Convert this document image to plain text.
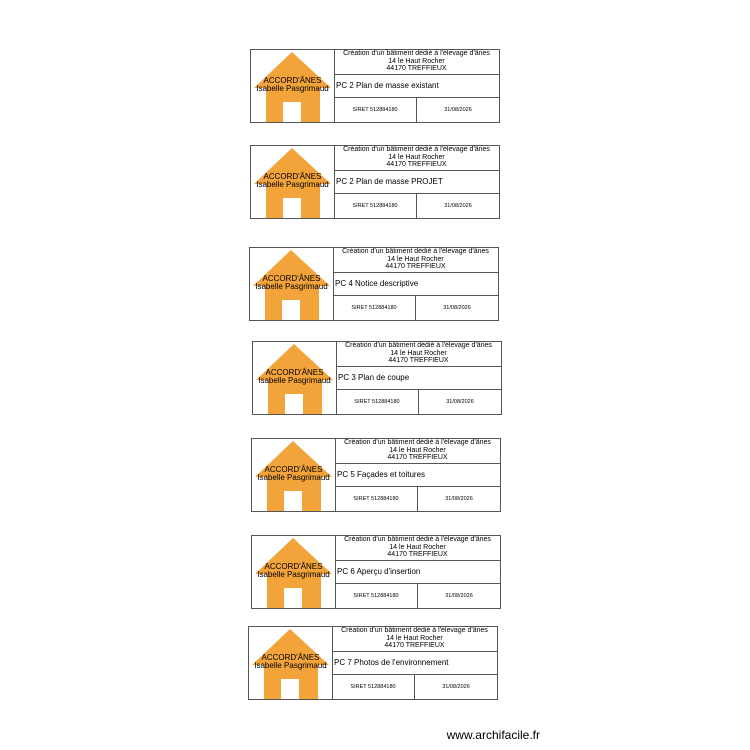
ACCORD'ÂNES
Isabelle Pasgrimaud
Création d'un bâtiment dédié à l'élevage d'ânes
14 le Haut Rocher
44170 TREFFIEUX
PC 2 Plan de masse existant
SIRET 512884180	31/08/2026
ACCORD'ÂNES
Isabelle Pasgrimaud
Création d'un bâtiment dédié à l'élevage d'ânes
14 le Haut Rocher
44170 TREFFIEUX
PC 2 Plan de masse PROJET
SIRET 512884180	31/08/2026
ACCORD'ÂNES
Isabelle Pasgrimaud
Création d'un bâtiment dédié à l'élevage d'ânes
14 le Haut Rocher
44170 TREFFIEUX
PC 4 Notice descriptive
SIRET 512884180	31/08/2026
ACCORD'ÂNES
Isabelle Pasgrimaud
Création d'un bâtiment dédié à l'élevage d'ânes
14 le Haut Rocher
44170 TREFFIEUX
PC 3 Plan de coupe
SIRET 512884180	31/08/2026
ACCORD'ÂNES
Isabelle Pasgrimaud
Création d'un bâtiment dédié à l'élevage d'ânes
14 le Haut Rocher
44170 TREFFIEUX
PC 5 Façades et toitures
SIRET 512884180	31/08/2026
ACCORD'ÂNES
Isabelle Pasgrimaud
Création d'un bâtiment dédié à l'élevage d'ânes
14 le Haut Rocher
44170 TREFFIEUX
PC 6 Aperçu d'insertion
SIRET 512884180	31/08/2026
ACCORD'ÂNES
Isabelle Pasgrimaud
Création d'un bâtiment dédié à l'élevage d'ânes
14 le Haut Rocher
44170 TREFFIEUX
PC 7 Photos de l'environnement
SIRET 512884180	31/08/2026
www.archifacile.fr
